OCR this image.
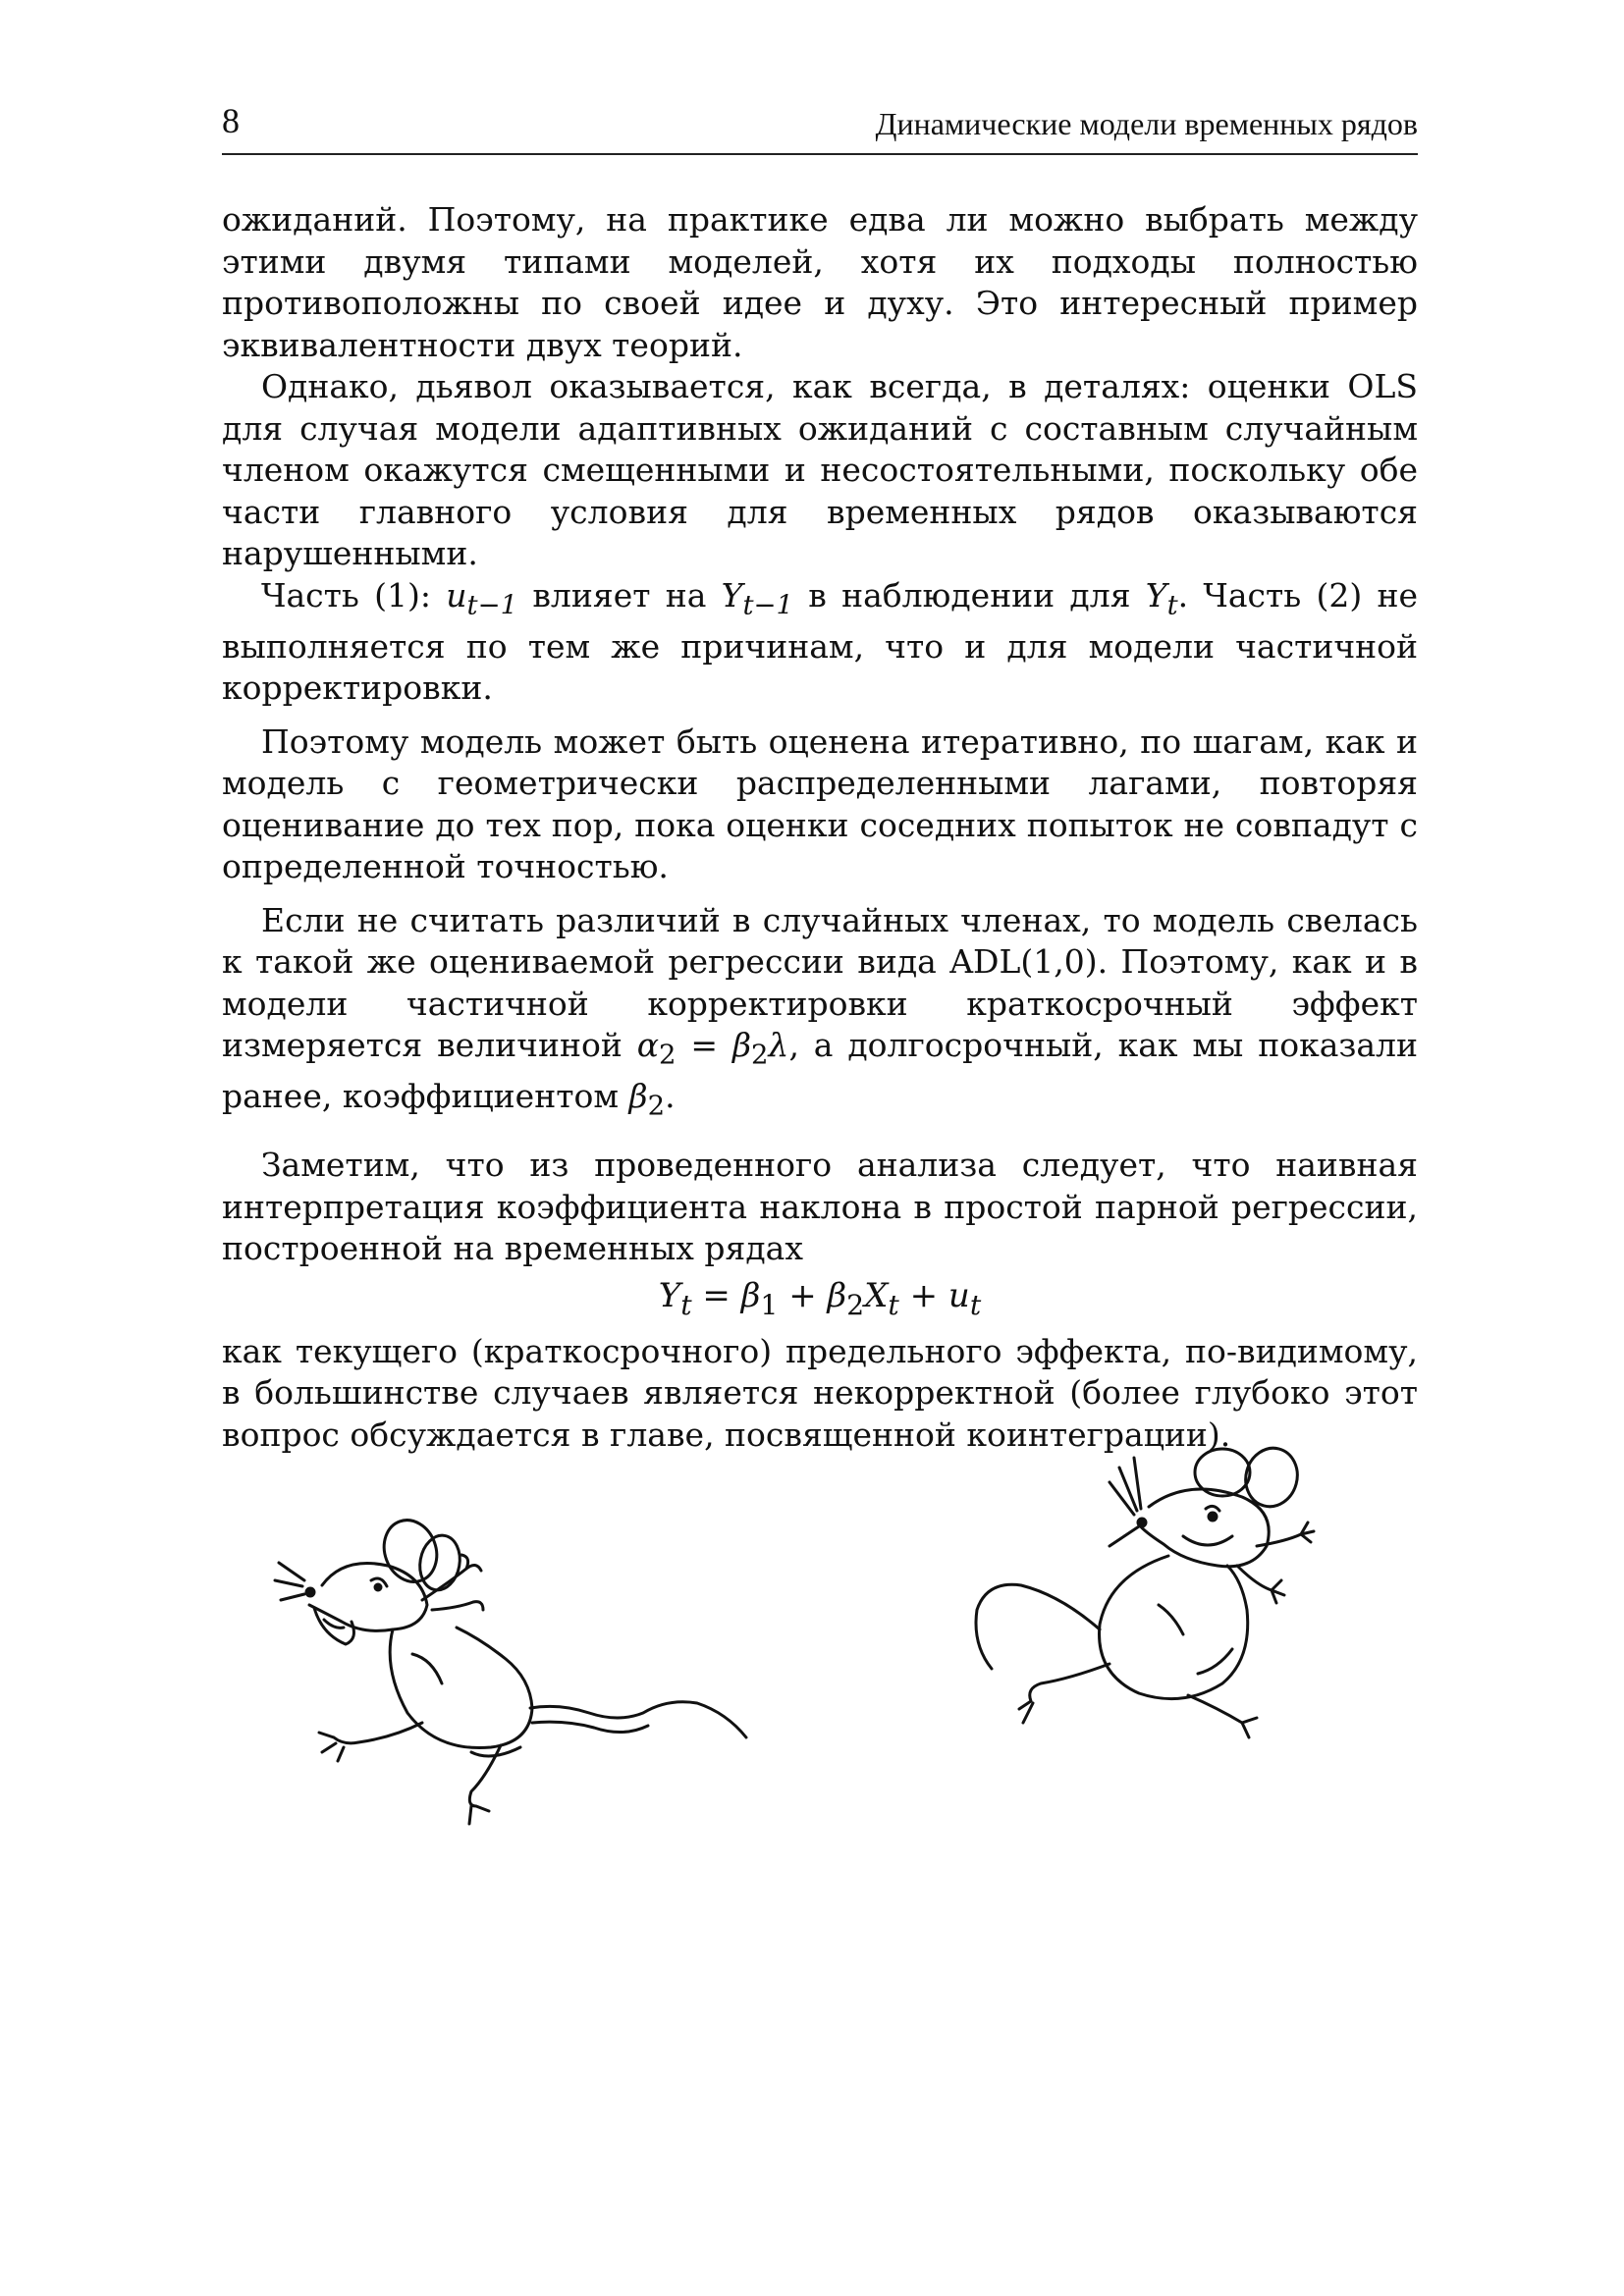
8	Динамические модели временных рядов

ожиданий. Поэтому, на практике едва ли можно выбрать между этими двумя типами моделей, хотя их подходы полностью противоположны по своей идее и духу. Это интересный пример эквивалентности двух теорий.

Однако, дьявол оказывается, как всегда, в деталях: оценки OLS для случая модели адаптивных ожиданий с составным случайным членом окажутся смещенными и несостоятельными, поскольку обе части главного условия для временных рядов оказываются нарушенными.

Часть (1): $u_{t-1}$ влияет на $Y_{t-1}$ в наблюдении для $Y_t$. Часть (2) не выполняется по тем же причинам, что и для модели частичной корректировки.

Поэтому модель может быть оценена итеративно, по шагам, как и модель с геометрически распределенными лагами, повторяя оценивание до тех пор, пока оценки соседних попыток не совпадут с определенной точностью.

Если не считать различий в случайных членах, то модель свелась к такой же оцениваемой регрессии вида ADL(1,0). Поэтому, как и в модели частичной корректировки краткосрочный эффект измеряется величиной $\alpha_2 = \beta_2\lambda$, а долгосрочный, как мы показали ранее, коэффициентом $\beta_2$.

Заметим, что из проведенного анализа следует, что наивная интерпретация коэффициента наклона в простой парной регрессии, построенной на временных рядах

$Y_t = \beta_1 + \beta_2X_t + u_t$

как текущего (краткосрочного) предельного эффекта, по-видимому, в большинстве случаев является некорректной (более глубоко этот вопрос обсуждается в главе, посвященной коинтеграции).
